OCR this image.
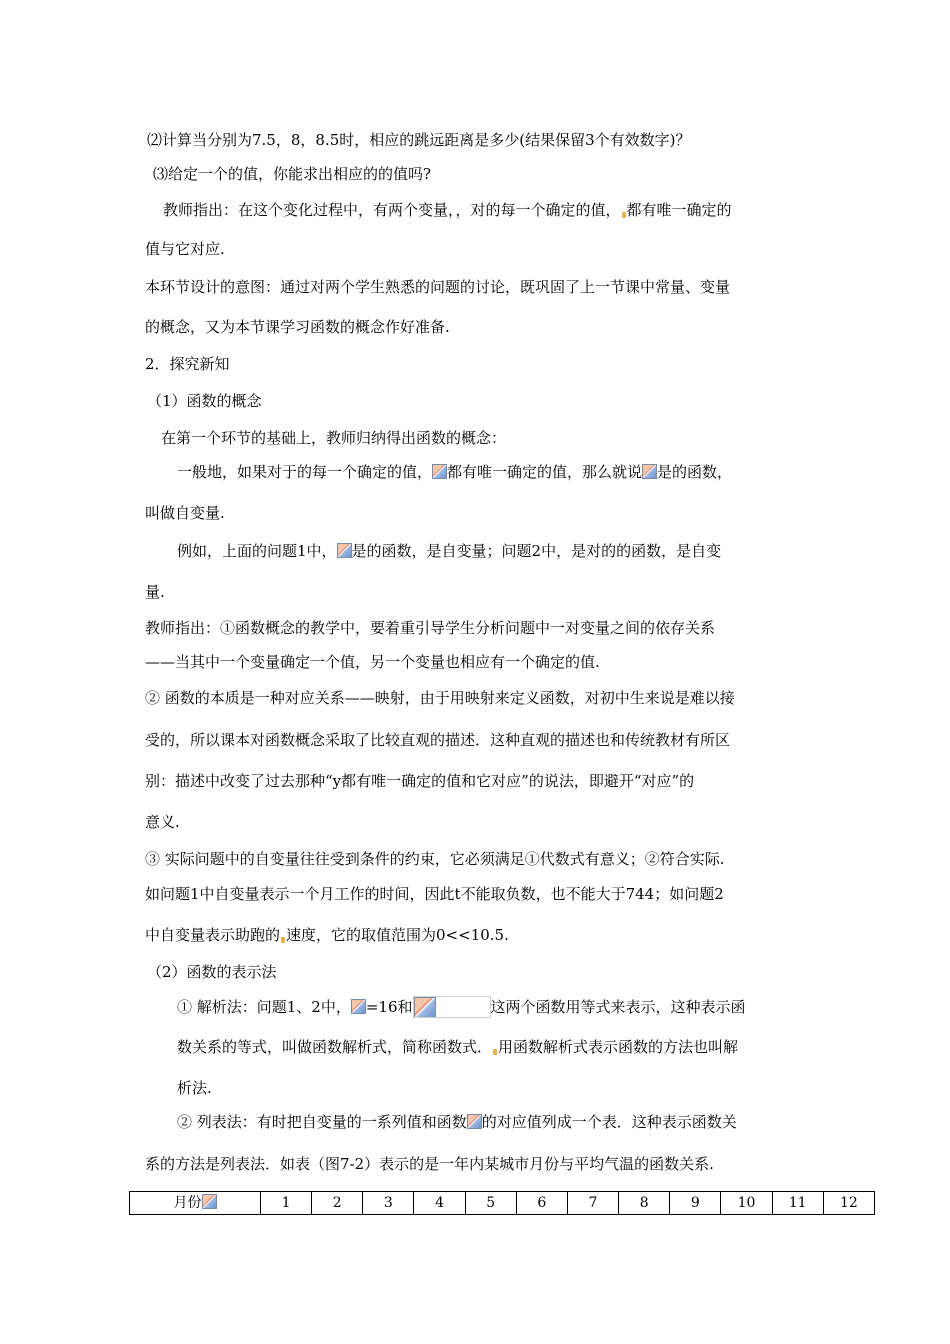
⑵计算当分别为7.5，8，8.5时，相应的跳远距离是多少(结果保留3个有效数字)？
⑶给定一个的值，你能求出相应的的值吗?
教师指出：在这个变化过程中，有两个变量，，对的每一个确定的值， 都有唯一确定的
值与它对应.
本环节设计的意图：通过对两个学生熟悉的问题的讨论，既巩固了上一节课中常量、变量
的概念，又为本节课学习函数的概念作好准备.
2．探究新知
（1）函数的概念
在第一个环节的基础上，教师归纳得出函数的概念：
一般地，如果对于的每一个确定的值， 都有唯一确定的值，那么就说 是的函数，
叫做自变量.
例如，上面的问题1中， 是的函数，是自变量；问题2中，是对的的函数，是自变
量.
教师指出：①函数概念的教学中，要着重引导学生分析问题中一对变量之间的依存关系
——当其中一个变量确定一个值，另一个变量也相应有一个确定的值.
② 函数的本质是一种对应关系——映射，由于用映射来定义函数，对初中生来说是难以接
受的，所以课本对函数概念采取了比较直观的描述．这种直观的描述也和传统教材有所区
别：描述中改变了过去那种“y都有唯一确定的值和它对应”的说法，即避开“对应”的
意义.
③ 实际问题中的自变量往往受到条件的约束，它必须满足①代数式有意义；②符合实际.
如问题1中自变量表示一个月工作的时间，因此t不能取负数，也不能大于744；如问题2
中自变量表示助跑的 速度，它的取值范围为0<<10.5.
（2）函数的表示法
① 解析法：问题1、2中， =16和	这两个函数用等式来表示，这种表示函
数关系的等式，叫做函数解析式，简称函数式． 用函数解析式表示函数的方法也叫解
析法.
② 列表法：有时把自变量的一系列值和函数 的对应值列成一个表．这种表示函数关
系的方法是列表法．如表（图7-2）表示的是一年内某城市月份与平均气温的函数关系.
月份	1	2	3	4	5	6	7	8	9	10	11	12
